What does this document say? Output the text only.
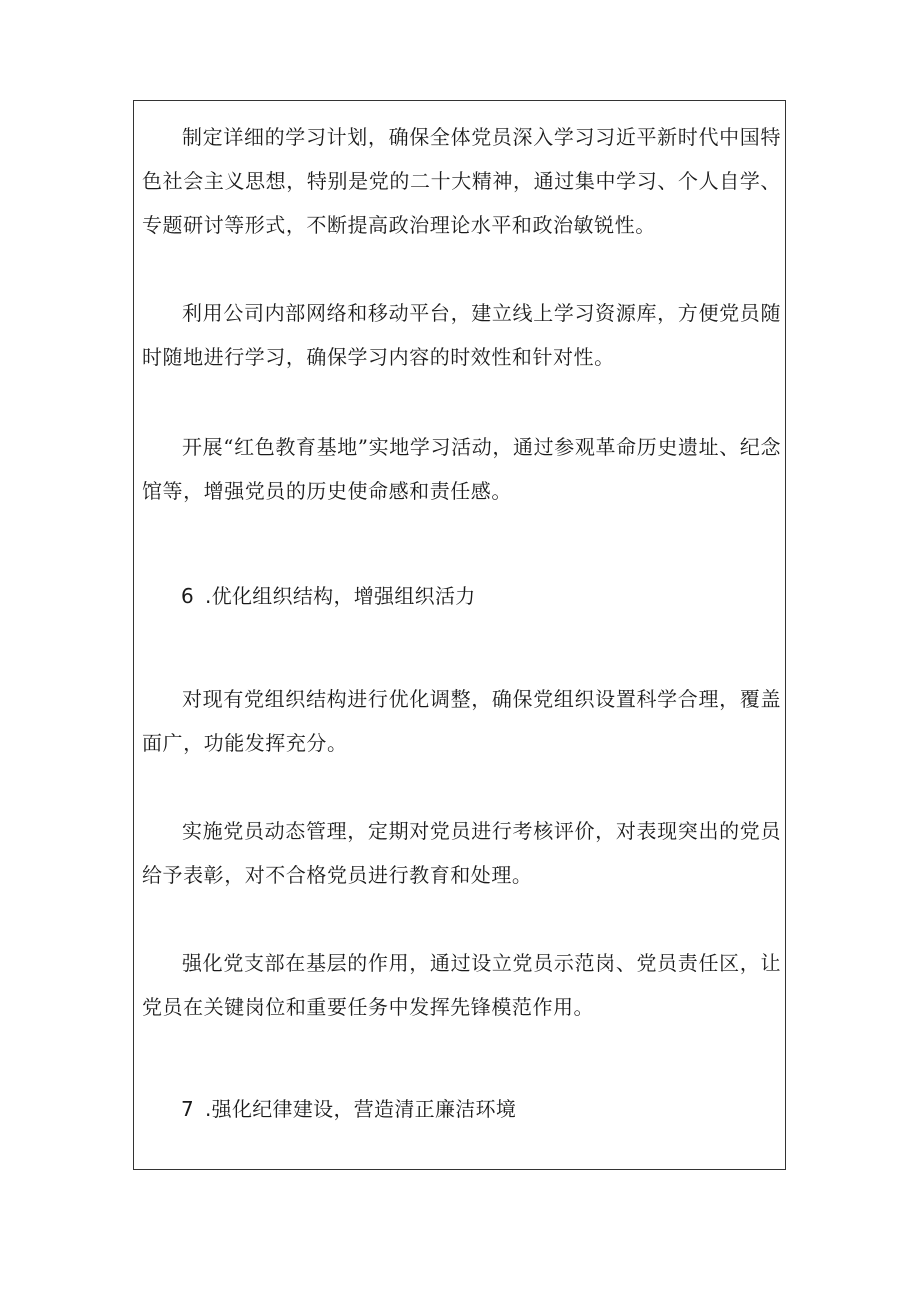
制定详细的学习计划，确保全体党员深入学习习近平新时代中国特色社会主义思想，特别是党的二十大精神，通过集中学习、个人自学、专题研讨等形式，不断提高政治理论水平和政治敏锐性。

利用公司内部网络和移动平台，建立线上学习资源库，方便党员随时随地进行学习，确保学习内容的时效性和针对性。

开展“红色教育基地”实地学习活动，通过参观革命历史遗址、纪念馆等，增强党员的历史使命感和责任感。

6 .优化组织结构，增强组织活力

对现有党组织结构进行优化调整，确保党组织设置科学合理，覆盖面广，功能发挥充分。

实施党员动态管理，定期对党员进行考核评价，对表现突出的党员给予表彰，对不合格党员进行教育和处理。

强化党支部在基层的作用，通过设立党员示范岗、党员责任区，让党员在关键岗位和重要任务中发挥先锋模范作用。

7 .强化纪律建设，营造清正廉洁环境
